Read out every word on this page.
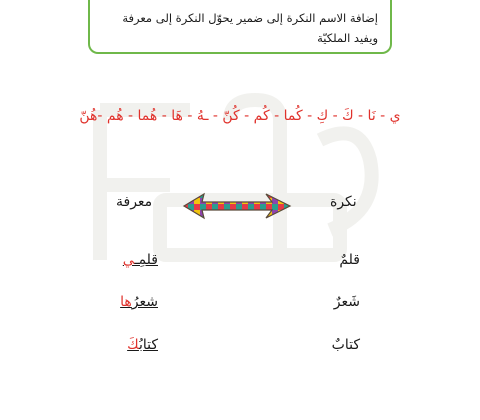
إضافة الاسم النكرة إلى ضمير يحوّل النكرة إلى معرفة
ويفيد الملكيّة
ي - نَا - كَ - كِ - كُما - كُم - كُنّ - ـهُ - هَا - هُما - هُم -هُنّ
نكرة
معرفة
قلمٌ
قلمِـي
شَعرٌ
شعرُها
كتابٌ
كتابُكَ
